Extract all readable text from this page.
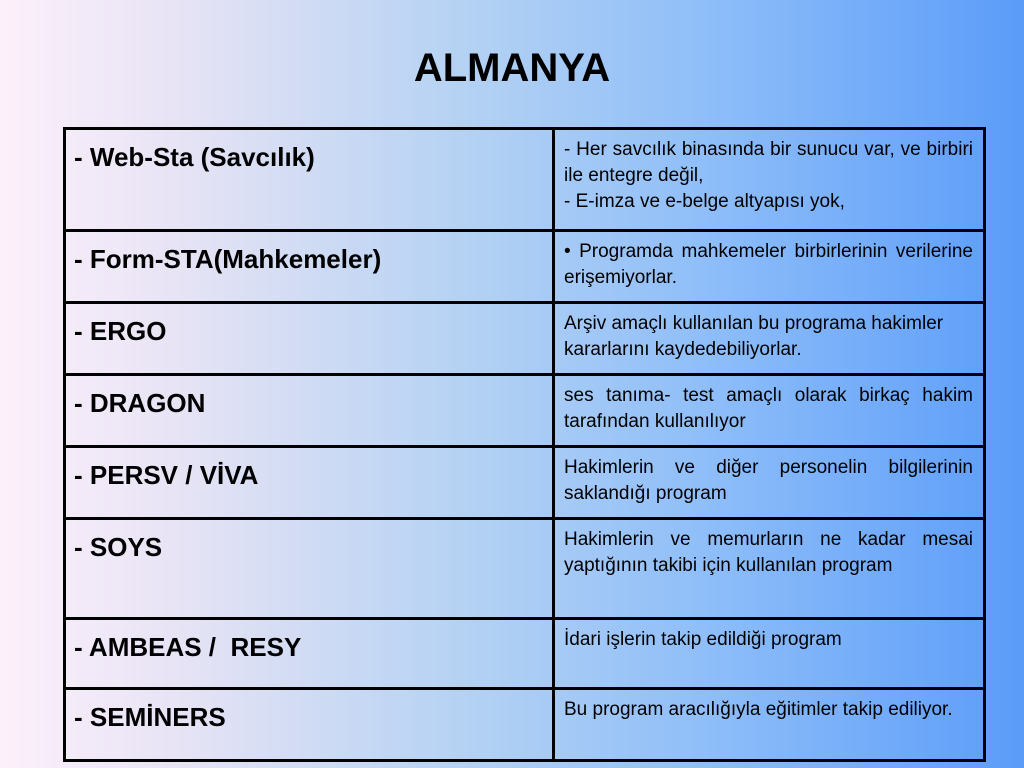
ALMANYA
- Web-Sta (Savcılık)	- Her savcılık binasında bir sunucu var, ve birbiri ile entegre değil,
- E-imza ve e-belge altyapısı yok,

- Form-STA(Mahkemeler)	• Programda mahkemeler birbirlerinin verilerine erişemiyorlar.

- ERGO	Arşiv amaçlı kullanılan bu programa hakimler kararlarını kaydedebiliyorlar.

- DRAGON	ses tanıma- test amaçlı olarak birkaç hakim tarafından kullanılıyor

- PERSV / VİVA	Hakimlerin ve diğer personelin bilgilerinin saklandığı program

- SOYS	Hakimlerin ve memurların ne kadar mesai yaptığının takibi için kullanılan program

- AMBEAS /  RESY	İdari işlerin takip edildiği program

- SEMİNERS	Bu program aracılığıyla eğitimler takip ediliyor.
